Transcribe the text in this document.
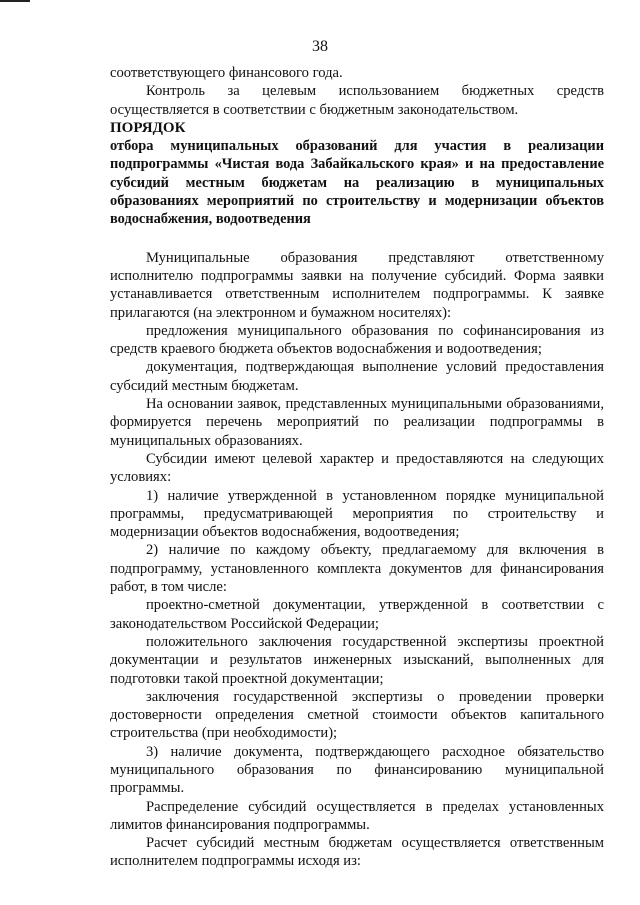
38

соответствующего финансового года.

Контроль за целевым использованием бюджетных средств осуществляется в соответствии с бюджетным законодательством.

ПОРЯДОК

отбора муниципальных образований для участия в реализации подпрограммы «Чистая вода Забайкальского края» и на предоставление субсидий местным бюджетам на реализацию в муниципальных образованиях мероприятий по строительству и модернизации объектов водоснабжения, водоотведения

Муниципальные образования представляют ответственному исполнителю подпрограммы заявки на получение субсидий. Форма заявки устанавливается ответственным исполнителем подпрограммы. К заявке прилагаются (на электронном и бумажном носителях):

предложения муниципального образования по софинансирования из средств краевого бюджета объектов водоснабжения и водоотведения;

документация, подтверждающая выполнение условий предоставления субсидий местным бюджетам.

На основании заявок, представленных муниципальными образованиями, формируется перечень мероприятий по реализации подпрограммы в муниципальных образованиях.

Субсидии имеют целевой характер и предоставляются на следующих условиях:

1) наличие утвержденной в установленном порядке муниципальной программы, предусматривающей мероприятия по строительству и модернизации объектов водоснабжения, водоотведения;

2) наличие по каждому объекту, предлагаемому для включения в подпрограмму, установленного комплекта документов для финансирования работ, в том числе:

проектно-сметной документации, утвержденной в соответствии с законодательством Российской Федерации;

положительного заключения государственной экспертизы проектной документации и результатов инженерных изысканий, выполненных для подготовки такой проектной документации;

заключения государственной экспертизы о проведении проверки достоверности определения сметной стоимости объектов капитального строительства (при необходимости);

3) наличие документа, подтверждающего расходное обязательство муниципального образования по финансированию муниципальной программы.

Распределение субсидий осуществляется в пределах установленных лимитов финансирования подпрограммы.

Расчет субсидий местным бюджетам осуществляется ответственным исполнителем подпрограммы исходя из:
